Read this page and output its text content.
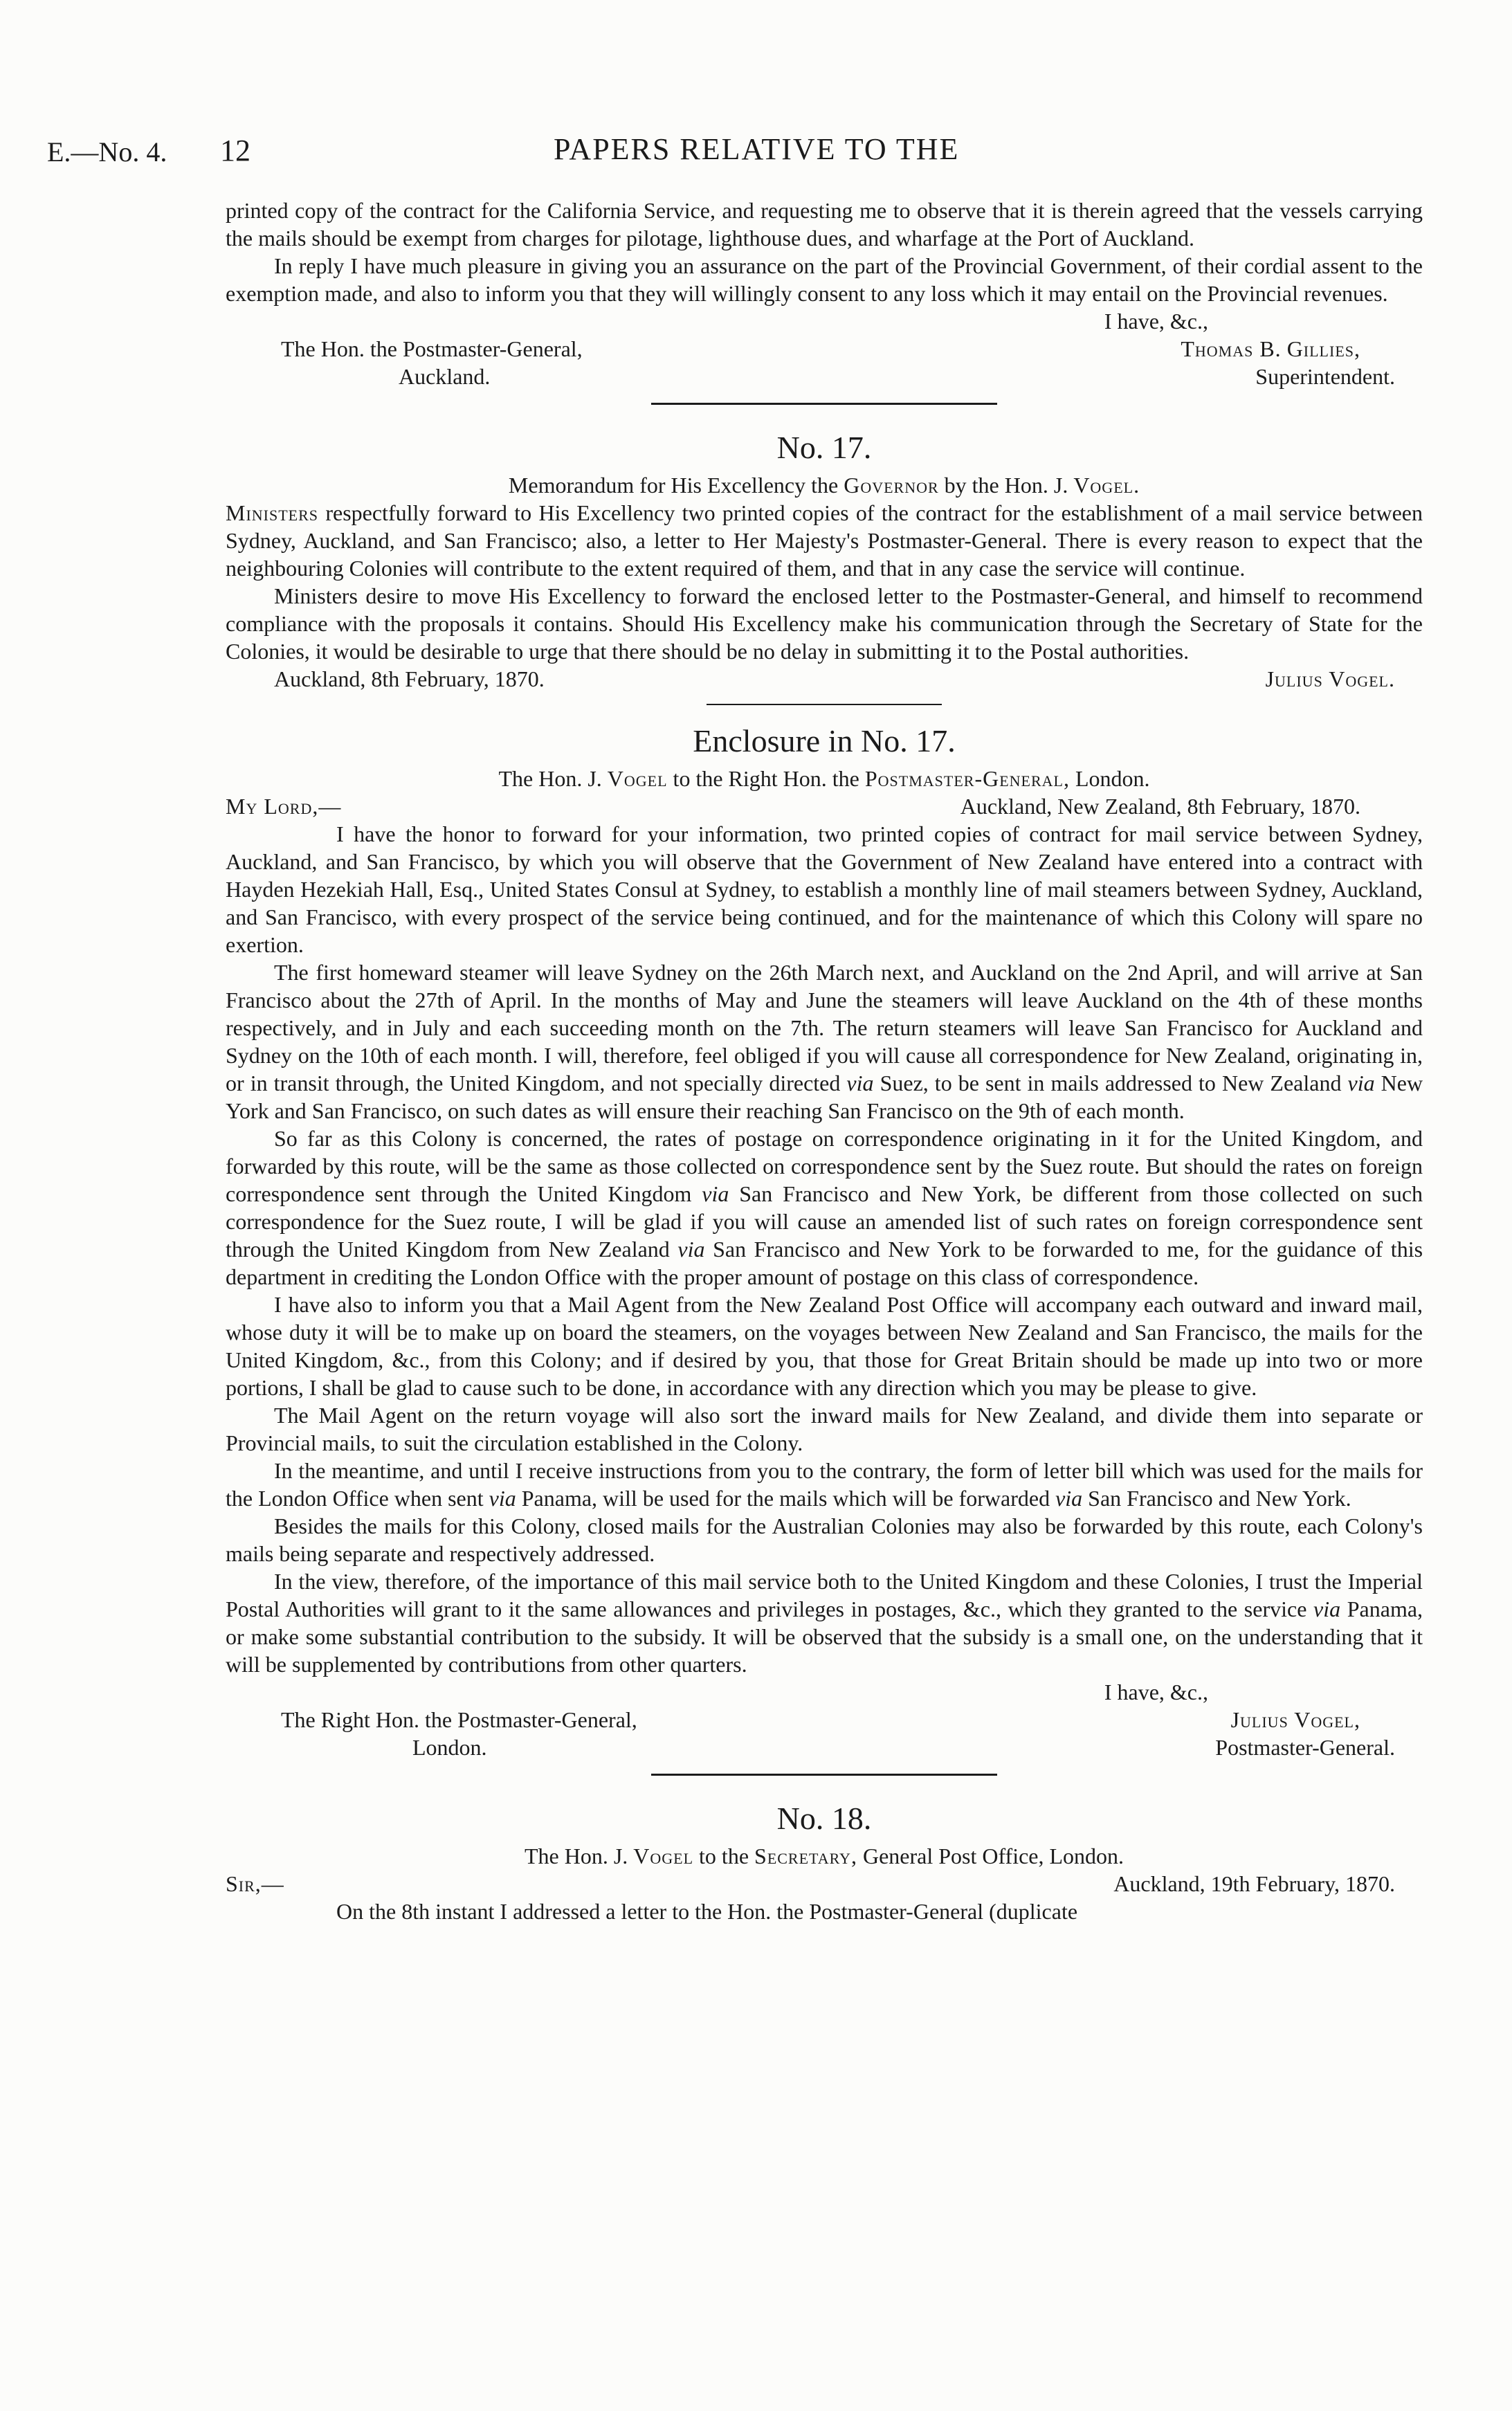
E.—No. 4. 12	PAPERS RELATIVE TO THE

printed copy of the contract for the California Service, and requesting me to observe that it is therein agreed that the vessels carrying the mails should be exempt from charges for pilotage, lighthouse dues, and wharfage at the Port of Auckland.

In reply I have much pleasure in giving you an assurance on the part of the Provincial Government, of their cordial assent to the exemption made, and also to inform you that they will willingly consent to any loss which it may entail on the Provincial revenues.

I have, &c.,
The Hon. the Postmaster-General,	Thomas B. Gillies,
Auckland.	Superintendent.
No. 17.
Memorandum for His Excellency the Governor by the Hon. J. Vogel.

Ministers respectfully forward to His Excellency two printed copies of the contract for the establishment of a mail service between Sydney, Auckland, and San Francisco; also, a letter to Her Majesty's Postmaster-General. There is every reason to expect that the neighbouring Colonies will contribute to the extent required of them, and that in any case the service will continue.

Ministers desire to move His Excellency to forward the enclosed letter to the Postmaster-General, and himself to recommend compliance with the proposals it contains. Should His Excellency make his communication through the Secretary of State for the Colonies, it would be desirable to urge that there should be no delay in submitting it to the Postal authorities.

Auckland, 8th February, 1870.	Julius Vogel.
Enclosure in No. 17.
The Hon. J. Vogel to the Right Hon. the Postmaster-General, London.
My Lord,—	Auckland, New Zealand, 8th February, 1870.

I have the honor to forward for your information, two printed copies of contract for mail service between Sydney, Auckland, and San Francisco, by which you will observe that the Government of New Zealand have entered into a contract with Hayden Hezekiah Hall, Esq., United States Consul at Sydney, to establish a monthly line of mail steamers between Sydney, Auckland, and San Francisco, with every prospect of the service being continued, and for the maintenance of which this Colony will spare no exertion.

The first homeward steamer will leave Sydney on the 26th March next, and Auckland on the 2nd April, and will arrive at San Francisco about the 27th of April. In the months of May and June the steamers will leave Auckland on the 4th of these months respectively, and in July and each succeeding month on the 7th. The return steamers will leave San Francisco for Auckland and Sydney on the 10th of each month. I will, therefore, feel obliged if you will cause all correspondence for New Zealand, originating in, or in transit through, the United Kingdom, and not specially directed via Suez, to be sent in mails addressed to New Zealand via New York and San Francisco, on such dates as will ensure their reaching San Francisco on the 9th of each month.

So far as this Colony is concerned, the rates of postage on correspondence originating in it for the United Kingdom, and forwarded by this route, will be the same as those collected on correspondence sent by the Suez route. But should the rates on foreign correspondence sent through the United Kingdom via San Francisco and New York, be different from those collected on such correspondence for the Suez route, I will be glad if you will cause an amended list of such rates on foreign correspondence sent through the United Kingdom from New Zealand via San Francisco and New York to be forwarded to me, for the guidance of this department in crediting the London Office with the proper amount of postage on this class of correspondence.

I have also to inform you that a Mail Agent from the New Zealand Post Office will accompany each outward and inward mail, whose duty it will be to make up on board the steamers, on the voyages between New Zealand and San Francisco, the mails for the United Kingdom, &c., from this Colony; and if desired by you, that those for Great Britain should be made up into two or more portions, I shall be glad to cause such to be done, in accordance with any direction which you may be please to give.

The Mail Agent on the return voyage will also sort the inward mails for New Zealand, and divide them into separate or Provincial mails, to suit the circulation established in the Colony.

In the meantime, and until I receive instructions from you to the contrary, the form of letter bill which was used for the mails for the London Office when sent via Panama, will be used for the mails which will be forwarded via San Francisco and New York.

Besides the mails for this Colony, closed mails for the Australian Colonies may also be forwarded by this route, each Colony's mails being separate and respectively addressed.

In the view, therefore, of the importance of this mail service both to the United Kingdom and these Colonies, I trust the Imperial Postal Authorities will grant to it the same allowances and privileges in postages, &c., which they granted to the service via Panama, or make some substantial contribution to the subsidy. It will be observed that the subsidy is a small one, on the understanding that it will be supplemented by contributions from other quarters.

I have, &c.,
The Right Hon. the Postmaster-General,	Julius Vogel,
London.	Postmaster-General.
No. 18.
The Hon. J. Vogel to the Secretary, General Post Office, London.
Sir,—	Auckland, 19th February, 1870.

On the 8th instant I addressed a letter to the Hon. the Postmaster-General (duplicate
